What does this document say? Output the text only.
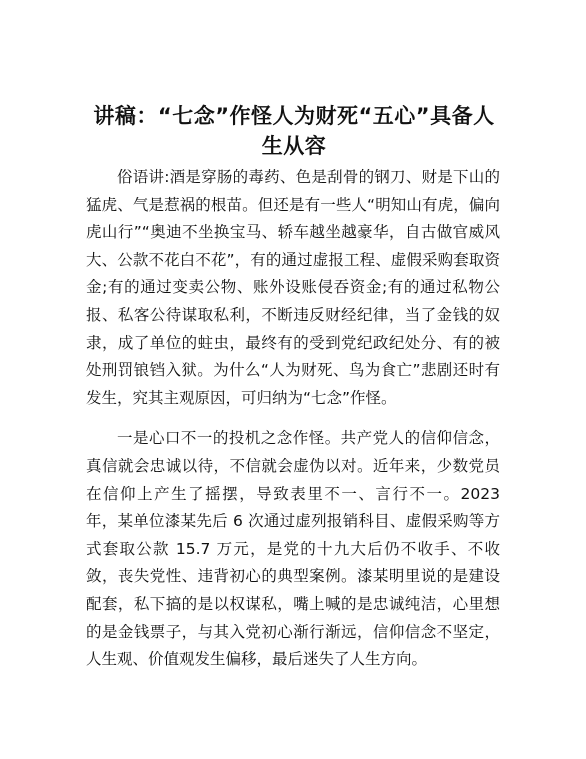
讲稿：“七念”作怪人为财死“五心”具备人生从容

俗语讲:酒是穿肠的毒药、色是刮骨的钢刀、财是下山的猛虎、气是惹祸的根苗。但还是有一些人“明知山有虎，偏向虎山行”“奥迪不坐换宝马、轿车越坐越豪华，自古做官威风大、公款不花白不花”，有的通过虚报工程、虚假采购套取资金;有的通过变卖公物、账外设账侵吞资金;有的通过私物公报、私客公待谋取私利，不断违反财经纪律，当了金钱的奴隶，成了单位的蛀虫，最终有的受到党纪政纪处分、有的被处刑罚锒铛入狱。为什么“人为财死、鸟为食亡”悲剧还时有发生，究其主观原因，可归纳为“七念”作怪。

一是心口不一的投机之念作怪。共产党人的信仰信念，真信就会忠诚以待，不信就会虚伪以对。近年来，少数党员在信仰上产生了摇摆，导致表里不一、言行不一。2023 年，某单位漆某先后 6 次通过虚列报销科目、虚假采购等方式套取公款 15.7 万元，是党的十九大后仍不收手、不收敛，丧失党性、违背初心的典型案例。漆某明里说的是建设配套，私下搞的是以权谋私，嘴上喊的是忠诚纯洁，心里想的是金钱票子，与其入党初心渐行渐远，信仰信念不坚定，人生观、价值观发生偏移，最后迷失了人生方向。
